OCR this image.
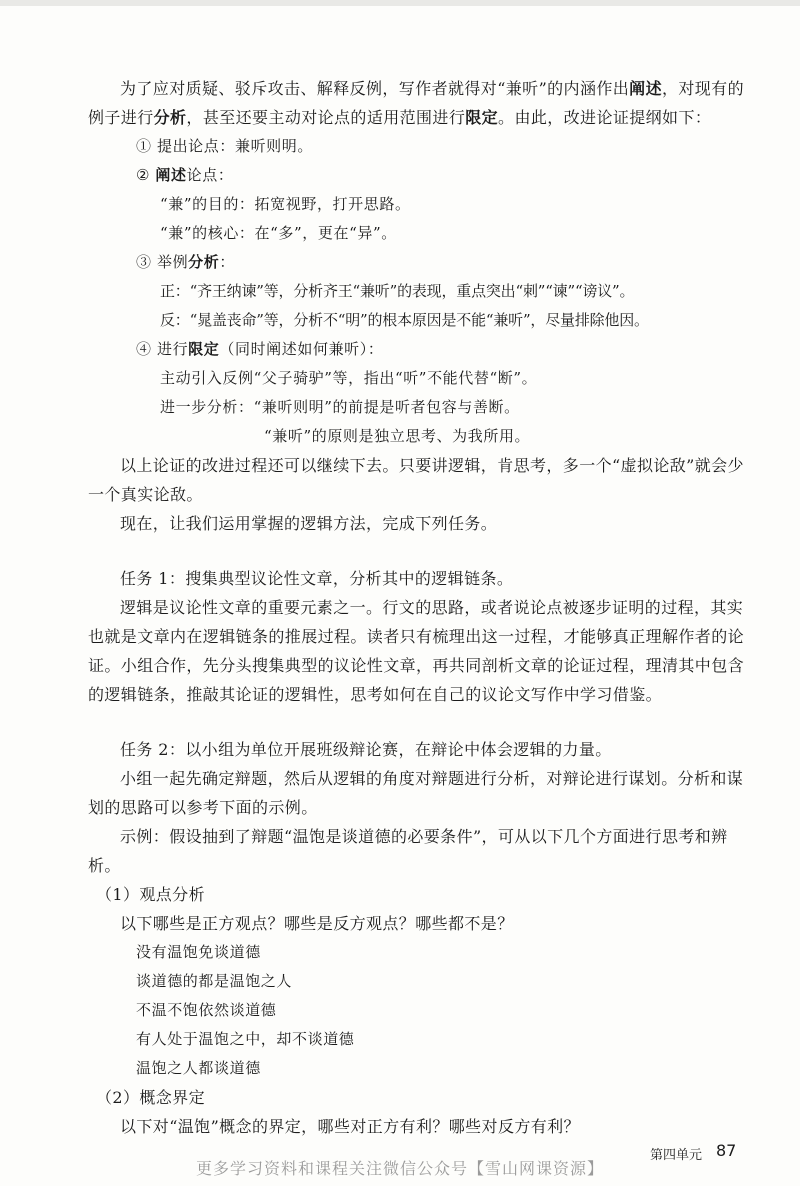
为了应对质疑、驳斥攻击、解释反例，写作者就得对“兼听”的内涵作出阐述，对现有的例子进行分析，甚至还要主动对论点的适用范围进行限定。由此，改进论证提纲如下：

① 提出论点：兼听则明。

② 阐述论点：

“兼”的目的：拓宽视野，打开思路。

“兼”的核心：在“多”，更在“异”。

③ 举例分析：

正：“齐王纳谏”等，分析齐王“兼听”的表现，重点突出“刺”“谏”“谤议”。

反：“晁盖丧命”等，分析不“明”的根本原因是不能“兼听”，尽量排除他因。

④ 进行限定（同时阐述如何兼听）：

主动引入反例“父子骑驴”等，指出“听”不能代替“断”。

进一步分析：“兼听则明”的前提是听者包容与善断。

“兼听”的原则是独立思考、为我所用。

以上论证的改进过程还可以继续下去。只要讲逻辑，肯思考，多一个“虚拟论敌”就会少一个真实论敌。

现在，让我们运用掌握的逻辑方法，完成下列任务。

任务 1：搜集典型议论性文章，分析其中的逻辑链条。

逻辑是议论性文章的重要元素之一。行文的思路，或者说论点被逐步证明的过程，其实也就是文章内在逻辑链条的推展过程。读者只有梳理出这一过程，才能够真正理解作者的论证。小组合作，先分头搜集典型的议论性文章，再共同剖析文章的论证过程，理清其中包含的逻辑链条，推敲其论证的逻辑性，思考如何在自己的议论文写作中学习借鉴。

任务 2：以小组为单位开展班级辩论赛，在辩论中体会逻辑的力量。

小组一起先确定辩题，然后从逻辑的角度对辩题进行分析，对辩论进行谋划。分析和谋划的思路可以参考下面的示例。

示例：假设抽到了辩题“温饱是谈道德的必要条件”，可从以下几个方面进行思考和辨析。

（1）观点分析

以下哪些是正方观点？哪些是反方观点？哪些都不是？

没有温饱免谈道德

谈道德的都是温饱之人

不温不饱依然谈道德

有人处于温饱之中，却不谈道德

温饱之人都谈道德

（2）概念界定

以下对“温饱”概念的界定，哪些对正方有利？哪些对反方有利？

第四单元 87
更多学习资料和课程关注微信公众号【雪山网课资源】
